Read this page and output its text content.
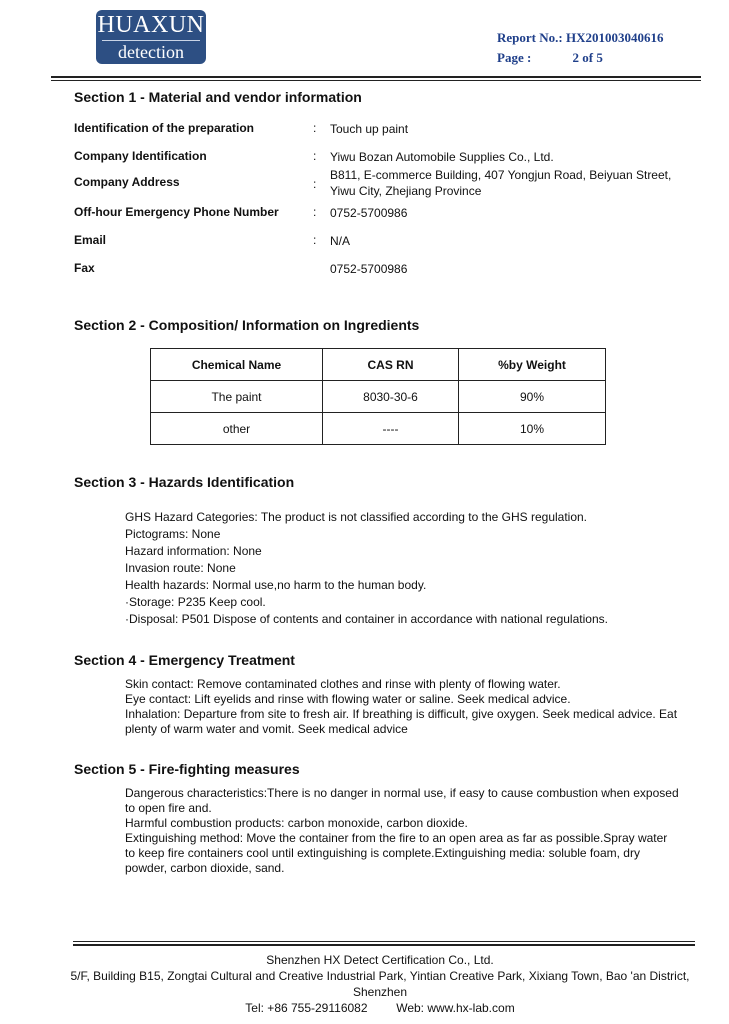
HUAXUN
detection
Report No.: HX201003040616
Page :	2 of 5
Section 1 - Material and vendor information
Identification of the preparation	: Touch up paint
Company Identification	: Yiwu Bozan Automobile Supplies Co., Ltd.
Company Address	:
B811, E-commerce Building, 407 Yongjun Road, Beiyuan Street, Yiwu City, Zhejiang Province
Off-hour Emergency Phone Number	: 0752-5700986
Email	: N/A
Fax	0752-5700986
Section 2 - Composition/ Information on Ingredients
Chemical Name	CAS RN	%by Weight
The paint	8030-30-6	90%
other	----	10%
Section 3 - Hazards Identification
GHS Hazard Categories: The product is not classified according to the GHS regulation.
Pictograms: None
Hazard information: None
Invasion route: None
Health hazards: Normal use,no harm to the human body.
·Storage: P235 Keep cool.
·Disposal: P501 Dispose of contents and container in accordance with national regulations.
Section 4 - Emergency Treatment
Skin contact: Remove contaminated clothes and rinse with plenty of flowing water.
Eye contact: Lift eyelids and rinse with flowing water or saline. Seek medical advice.
Inhalation: Departure from site to fresh air. If breathing is difficult, give oxygen. Seek medical advice. Eat plenty of warm water and vomit. Seek medical advice
Section 5 - Fire-fighting measures
Dangerous characteristics:There is no danger in normal use, if easy to cause combustion when exposed to open fire and.
Harmful combustion products: carbon monoxide, carbon dioxide.
Extinguishing method: Move the container from the fire to an open area as far as possible.Spray water to keep fire containers cool until extinguishing is complete.Extinguishing media: soluble foam, dry powder, carbon dioxide, sand.
Shenzhen HX Detect Certification Co., Ltd.
5/F, Building B15, Zongtai Cultural and Creative Industrial Park, Yintian Creative Park, Xixiang Town, Bao 'an District, Shenzhen
Tel: +86 755-29116082 Web: www.hx-lab.com
